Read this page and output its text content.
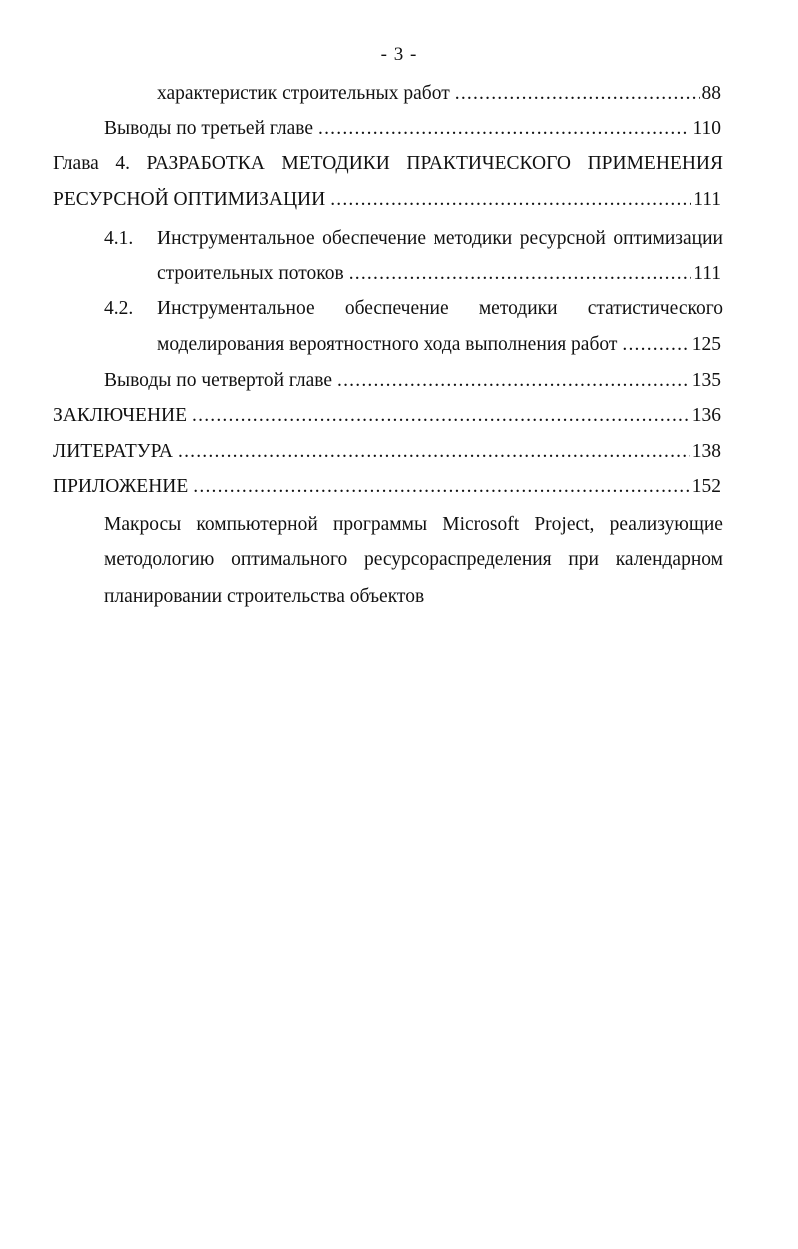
- 3 -
характеристик строительных работ .....	88
Выводы по третьей главе .....	110
Глава 4. РАЗРАБОТКА МЕТОДИКИ ПРАКТИЧЕСКОГО ПРИМЕНЕНИЯ
РЕСУРСНОЙ ОПТИМИЗАЦИИ .....	111
4.1. Инструментальное обеспечение методики ресурсной оптимизации
строительных потоков .....	111
4.2. Инструментальное обеспечение методики статистического
моделирования вероятностного хода выполнения работ .....	125
Выводы по четвертой главе .....	135
ЗАКЛЮЧЕНИЕ .....	136
ЛИТЕРАТУРА .....	138
ПРИЛОЖЕНИЕ .....	152
Макросы компьютерной программы Microsoft Project, реализующие
методологию оптимального ресурсораспределения при календарном
планировании строительства объектов
